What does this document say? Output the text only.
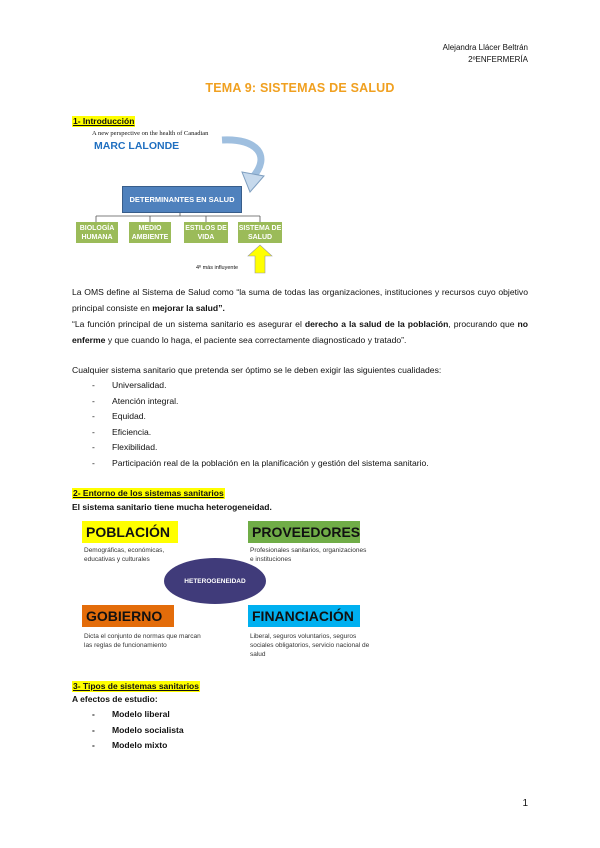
Alejandra Llácer Beltrán
2ºENFERMERÍA
TEMA 9: SISTEMAS DE SALUD
1- Introducción
A new perspective on the health of Canadian
MARC LALONDE
DETERMINANTES EN SALUD
BIOLOGÍA HUMANA
MEDIO AMBIENTE
ESTILOS DE VIDA
SISTEMA DE SALUD
4º más influyente
La OMS define al Sistema de Salud como “la suma de todas las organizaciones, instituciones y recursos cuyo objetivo principal consiste en mejorar la salud”.
“La función principal de un sistema sanitario es asegurar el derecho a la salud de la población, procurando que no enferme y que cuando lo haga, el paciente sea correctamente diagnosticado y tratado”.
Cualquier sistema sanitario que pretenda ser óptimo se le deben exigir las siguientes cualidades:
- Universalidad.
- Atención integral.
- Equidad.
- Eficiencia.
- Flexibilidad.
- Participación real de la población en la planificación y gestión del sistema sanitario.
2- Entorno de los sistemas sanitarios
El sistema sanitario tiene mucha heterogeneidad.
POBLACIÓN
Demográficas, económicas, educativas y culturales
PROVEEDORES
Profesionales sanitarios, organizaciones e instituciones
HETEROGENEIDAD
GOBIERNO
Dicta el conjunto de normas que marcan las reglas de funcionamiento
FINANCIACIÓN
Liberal, seguros voluntarios, seguros sociales obligatorios, servicio nacional de salud
3- Tipos de sistemas sanitarios
A efectos de estudio:
- Modelo liberal
- Modelo socialista
- Modelo mixto
1
